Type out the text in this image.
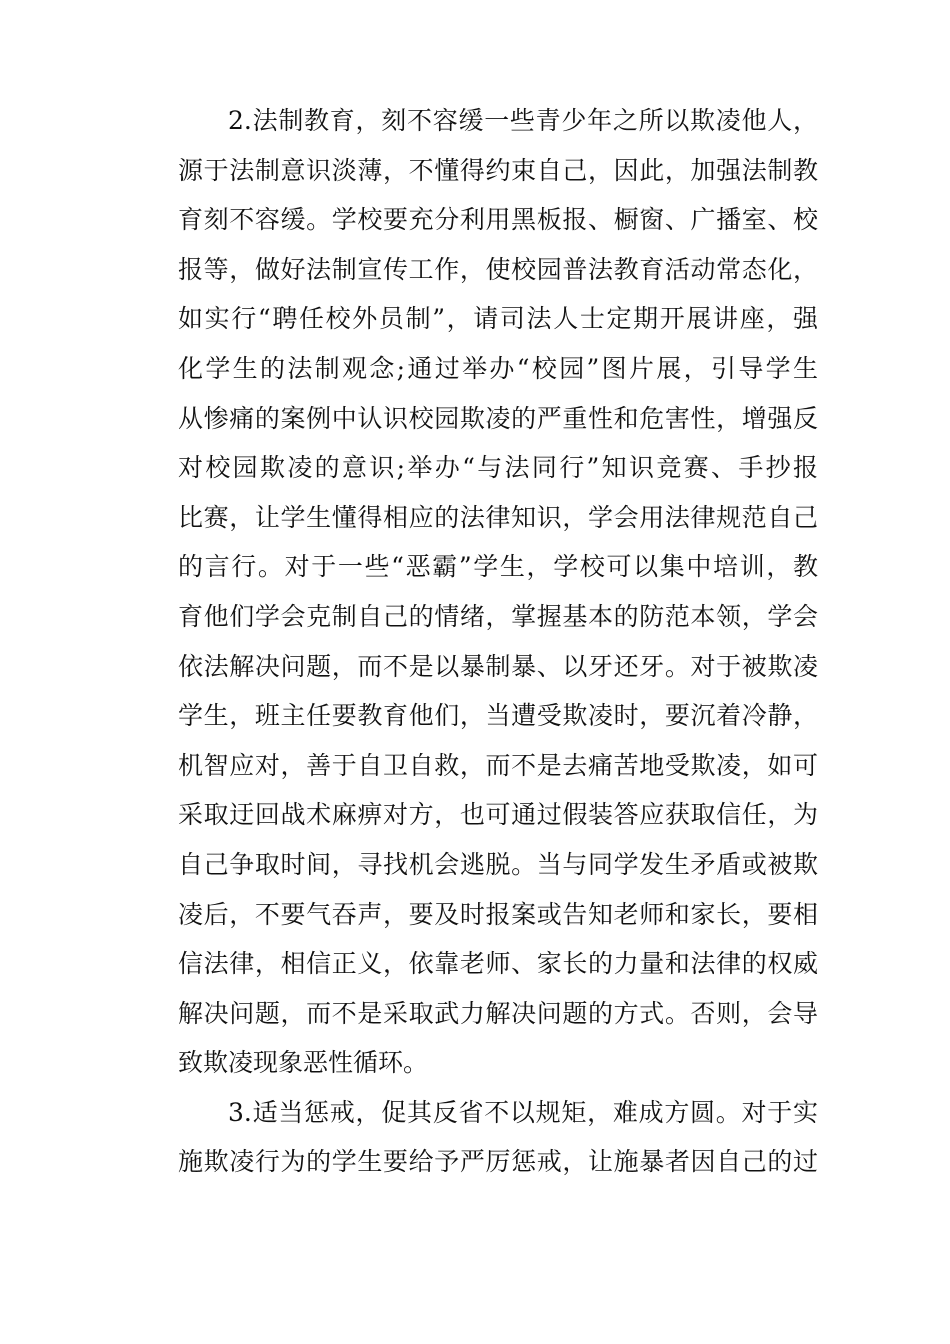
2.法制教育，刻不容缓一些青少年之所以欺凌他人，
源于法制意识淡薄，不懂得约束自己，因此，加强法制教
育刻不容缓。学校要充分利用黑板报、橱窗、广播室、校
报等，做好法制宣传工作，使校园普法教育活动常态化，
如实行“聘任校外员制”，请司法人士定期开展讲座，强
化学生的法制观念;通过举办“校园”图片展，引导学生
从惨痛的案例中认识校园欺凌的严重性和危害性，增强反
对校园欺凌的意识;举办“与法同行”知识竞赛、手抄报
比赛，让学生懂得相应的法律知识，学会用法律规范自己
的言行。对于一些“恶霸”学生，学校可以集中培训，教
育他们学会克制自己的情绪，掌握基本的防范本领，学会
依法解决问题，而不是以暴制暴、以牙还牙。对于被欺凌
学生，班主任要教育他们，当遭受欺凌时，要沉着冷静，
机智应对，善于自卫自救，而不是去痛苦地受欺凌，如可
采取迂回战术麻痹对方，也可通过假装答应获取信任，为
自己争取时间，寻找机会逃脱。当与同学发生矛盾或被欺
凌后，不要气吞声，要及时报案或告知老师和家长，要相
信法律，相信正义，依靠老师、家长的力量和法律的权威
解决问题，而不是采取武力解决问题的方式。否则，会导
致欺凌现象恶性循环。
3.适当惩戒，促其反省不以规矩，难成方圆。对于实
施欺凌行为的学生要给予严厉惩戒，让施暴者因自己的过
